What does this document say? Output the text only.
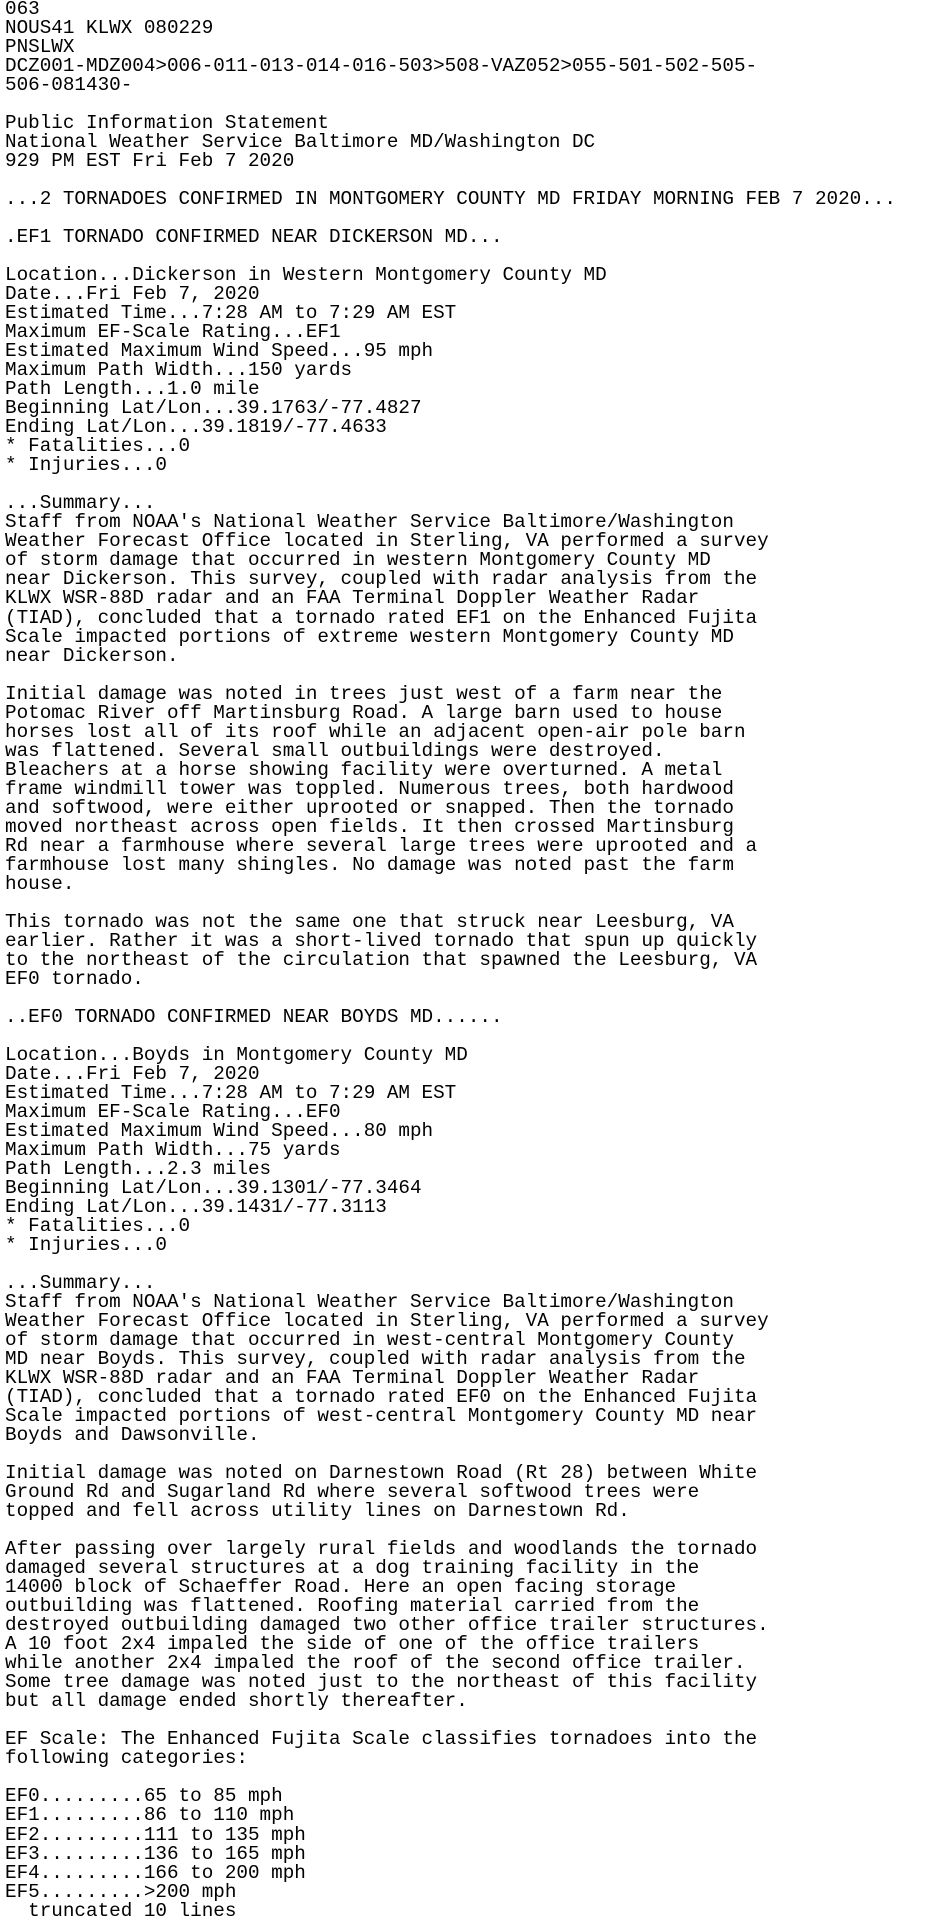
063
NOUS41 KLWX 080229
PNSLWX
DCZ001-MDZ004>006-011-013-014-016-503>508-VAZ052>055-501-502-505-
506-081430-

Public Information Statement
National Weather Service Baltimore MD/Washington DC
929 PM EST Fri Feb 7 2020

...2 TORNADOES CONFIRMED IN MONTGOMERY COUNTY MD FRIDAY MORNING FEB 7 2020...

.EF1 TORNADO CONFIRMED NEAR DICKERSON MD...

Location...Dickerson in Western Montgomery County MD
Date...Fri Feb 7, 2020
Estimated Time...7:28 AM to 7:29 AM EST
Maximum EF-Scale Rating...EF1
Estimated Maximum Wind Speed...95 mph
Maximum Path Width...150 yards
Path Length...1.0 mile
Beginning Lat/Lon...39.1763/-77.4827
Ending Lat/Lon...39.1819/-77.4633
* Fatalities...0
* Injuries...0

...Summary...
Staff from NOAA's National Weather Service Baltimore/Washington
Weather Forecast Office located in Sterling, VA performed a survey
of storm damage that occurred in western Montgomery County MD
near Dickerson. This survey, coupled with radar analysis from the
KLWX WSR-88D radar and an FAA Terminal Doppler Weather Radar
(TIAD), concluded that a tornado rated EF1 on the Enhanced Fujita
Scale impacted portions of extreme western Montgomery County MD
near Dickerson.

Initial damage was noted in trees just west of a farm near the
Potomac River off Martinsburg Road. A large barn used to house
horses lost all of its roof while an adjacent open-air pole barn
was flattened. Several small outbuildings were destroyed.
Bleachers at a horse showing facility were overturned. A metal
frame windmill tower was toppled. Numerous trees, both hardwood
and softwood, were either uprooted or snapped. Then the tornado
moved northeast across open fields. It then crossed Martinsburg
Rd near a farmhouse where several large trees were uprooted and a
farmhouse lost many shingles. No damage was noted past the farm
house.

This tornado was not the same one that struck near Leesburg, VA
earlier. Rather it was a short-lived tornado that spun up quickly
to the northeast of the circulation that spawned the Leesburg, VA
EF0 tornado.

..EF0 TORNADO CONFIRMED NEAR BOYDS MD......

Location...Boyds in Montgomery County MD
Date...Fri Feb 7, 2020
Estimated Time...7:28 AM to 7:29 AM EST
Maximum EF-Scale Rating...EF0
Estimated Maximum Wind Speed...80 mph
Maximum Path Width...75 yards
Path Length...2.3 miles
Beginning Lat/Lon...39.1301/-77.3464
Ending Lat/Lon...39.1431/-77.3113
* Fatalities...0
* Injuries...0

...Summary...
Staff from NOAA's National Weather Service Baltimore/Washington
Weather Forecast Office located in Sterling, VA performed a survey
of storm damage that occurred in west-central Montgomery County
MD near Boyds. This survey, coupled with radar analysis from the
KLWX WSR-88D radar and an FAA Terminal Doppler Weather Radar
(TIAD), concluded that a tornado rated EF0 on the Enhanced Fujita
Scale impacted portions of west-central Montgomery County MD near
Boyds and Dawsonville.

Initial damage was noted on Darnestown Road (Rt 28) between White
Ground Rd and Sugarland Rd where several softwood trees were
topped and fell across utility lines on Darnestown Rd.

After passing over largely rural fields and woodlands the tornado
damaged several structures at a dog training facility in the
14000 block of Schaeffer Road. Here an open facing storage
outbuilding was flattened. Roofing material carried from the
destroyed outbuilding damaged two other office trailer structures.
A 10 foot 2x4 impaled the side of one of the office trailers
while another 2x4 impaled the roof of the second office trailer.
Some tree damage was noted just to the northeast of this facility
but all damage ended shortly thereafter.

EF Scale: The Enhanced Fujita Scale classifies tornadoes into the
following categories:

EF0.........65 to 85 mph
EF1.........86 to 110 mph
EF2.........111 to 135 mph
EF3.........136 to 165 mph
EF4.........166 to 200 mph
EF5.........>200 mph
truncated 10 lines
